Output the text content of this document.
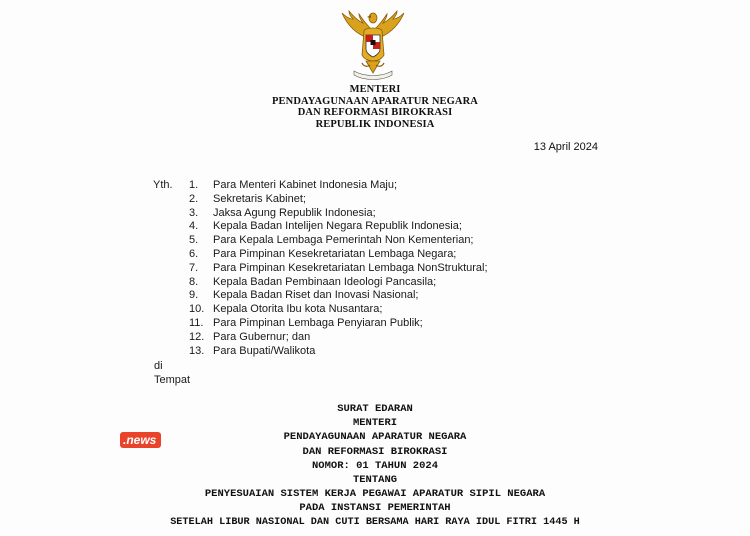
MENTERI
PENDAYAGUNAAN APARATUR NEGARA
DAN REFORMASI BIROKRASI
REPUBLIK INDONESIA
13 April 2024
Yth. 1.	Para Menteri Kabinet Indonesia Maju;
2.	Sekretaris Kabinet;
3.	Jaksa Agung Republik Indonesia;
4.	Kepala Badan Intelijen Negara Republik Indonesia;
5.	Para Kepala Lembaga Pemerintah Non Kementerian;
6.	Para Pimpinan Kesekretariatan Lembaga Negara;
7.	Para Pimpinan Kesekretariatan Lembaga NonStruktural;
8.	Kepala Badan Pembinaan Ideologi Pancasila;
9.	Kepala Badan Riset dan Inovasi Nasional;
10. Kepala Otorita Ibu kota Nusantara;
11. Para Pimpinan Lembaga Penyiaran Publik;
12. Para Gubernur; dan
13. Para Bupati/Walikota
di
Tempat
.news
SURAT EDARAN
MENTERI
PENDAYAGUNAAN APARATUR NEGARA
DAN REFORMASI BIROKRASI
NOMOR: 01 TAHUN 2024
TENTANG
PENYESUAIAN SISTEM KERJA PEGAWAI APARATUR SIPIL NEGARA
PADA INSTANSI PEMERINTAH
SETELAH LIBUR NASIONAL DAN CUTI BERSAMA HARI RAYA IDUL FITRI 1445 H
